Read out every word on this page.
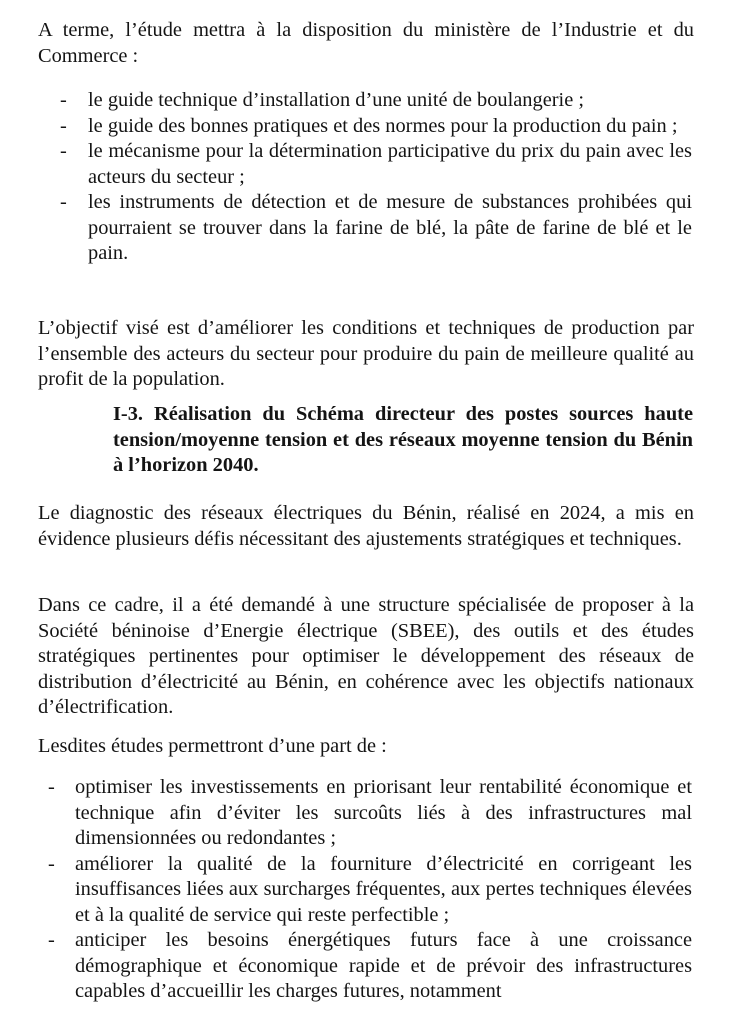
A terme, l’étude mettra à la disposition du ministère de l’Industrie et du Commerce :

- le guide technique d’installation d’une unité de boulangerie ;
- le guide des bonnes pratiques et des normes pour la production du pain ;
- le mécanisme pour la détermination participative du prix du pain avec les acteurs du secteur ;
- les instruments de détection et de mesure de substances prohibées qui pourraient se trouver dans la farine de blé, la pâte de farine de blé et le pain.

L’objectif visé est d’améliorer les conditions et techniques de production par l’ensemble des acteurs du secteur pour produire du pain de meilleure qualité au profit de la population.

I-3. Réalisation du Schéma directeur des postes sources haute tension/moyenne tension et des réseaux moyenne tension du Bénin à l’horizon 2040.

Le diagnostic des réseaux électriques du Bénin, réalisé en 2024, a mis en évidence plusieurs défis nécessitant des ajustements stratégiques et techniques.

Dans ce cadre, il a été demandé à une structure spécialisée de proposer à la Société béninoise d’Energie électrique (SBEE), des outils et des études stratégiques pertinentes pour optimiser le développement des réseaux de distribution d’électricité au Bénin, en cohérence avec les objectifs nationaux d’électrification.

Lesdites études permettront d’une part de :

- optimiser les investissements en priorisant leur rentabilité économique et technique afin d’éviter les surcoûts liés à des infrastructures mal dimensionnées ou redondantes ;
- améliorer la qualité de la fourniture d’électricité en corrigeant les insuffisances liées aux surcharges fréquentes, aux pertes techniques élevées et à la qualité de service qui reste perfectible ;
- anticiper les besoins énergétiques futurs face à une croissance démographique et économique rapide et de prévoir des infrastructures capables d’accueillir les charges futures, notamment
